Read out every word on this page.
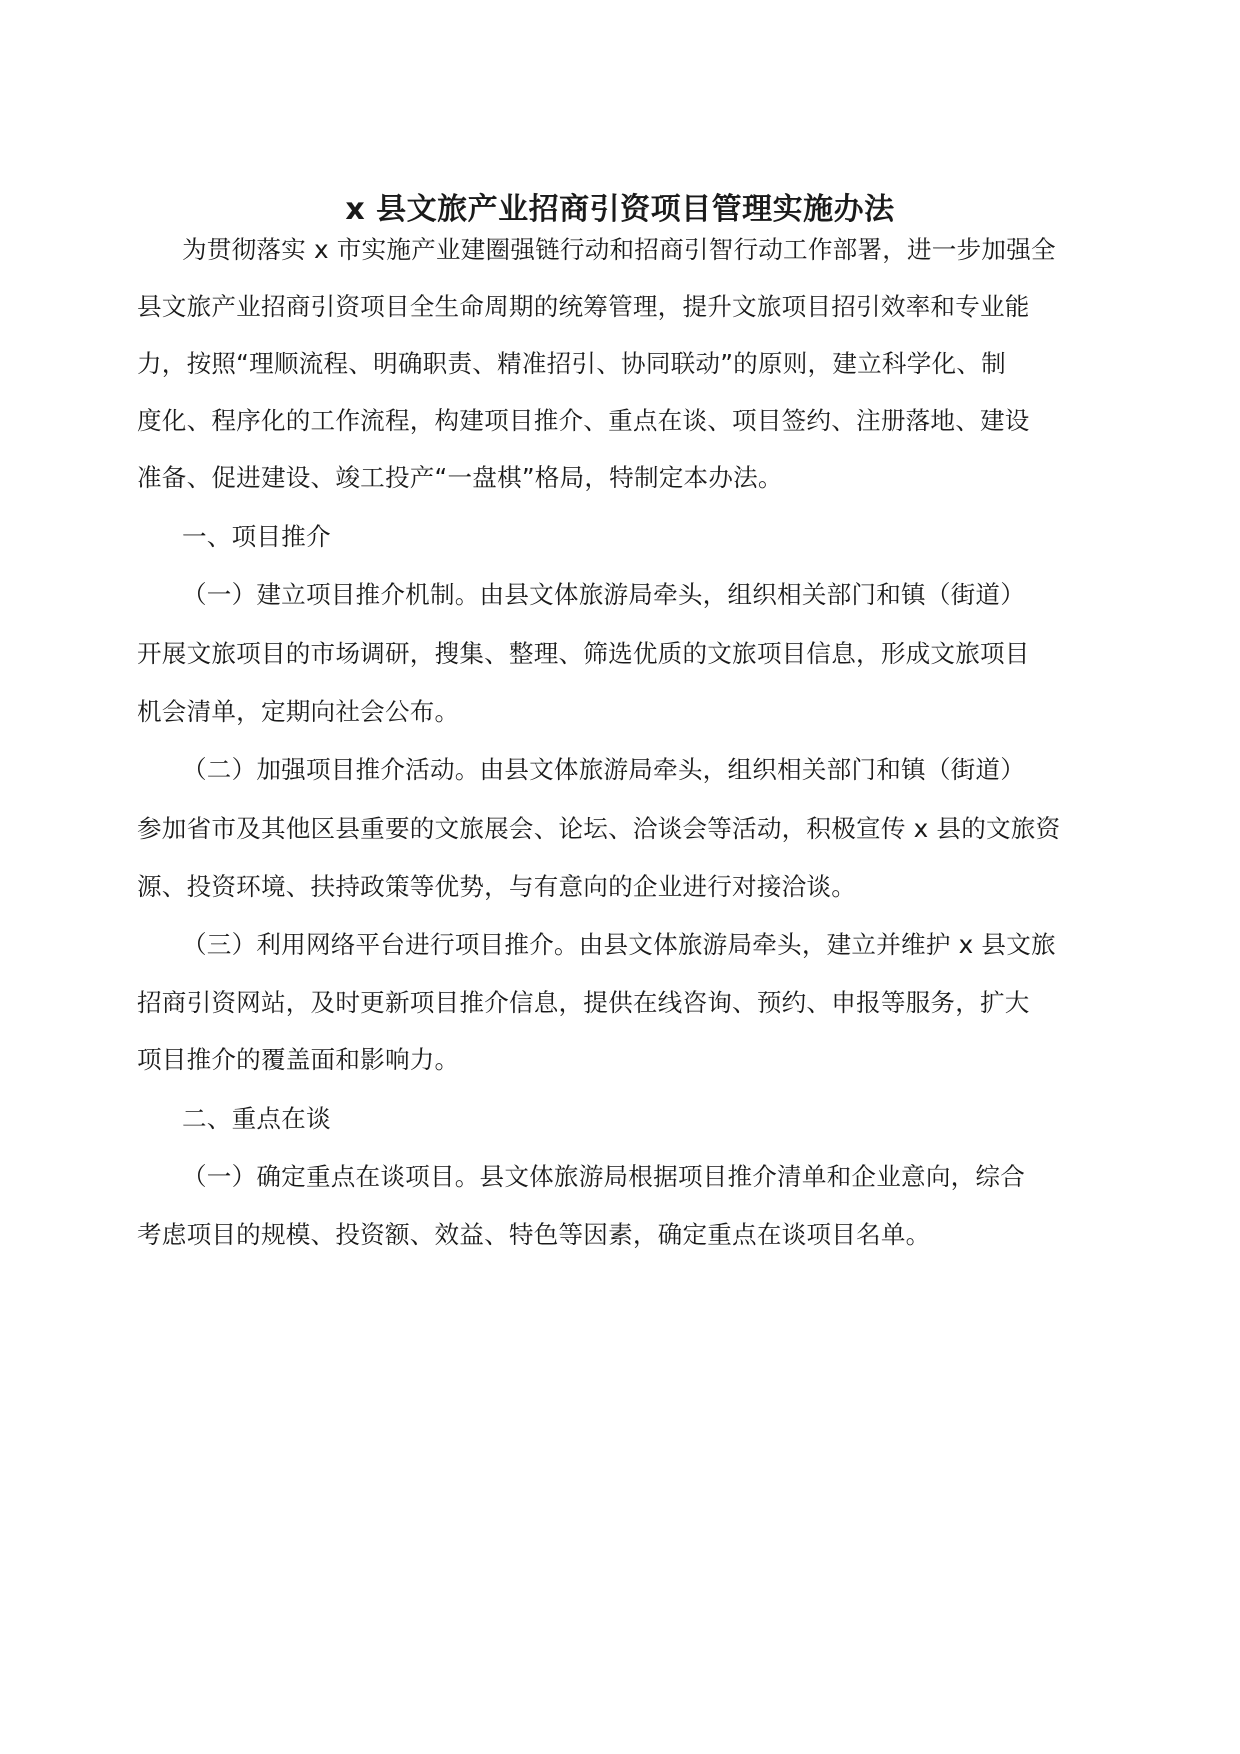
x 县文旅产业招商引资项目管理实施办法
为贯彻落实 x 市实施产业建圈强链行动和招商引智行动工作部署，进一步加强全
县文旅产业招商引资项目全生命周期的统筹管理，提升文旅项目招引效率和专业能
力，按照“理顺流程、明确职责、精准招引、协同联动”的原则，建立科学化、制
度化、程序化的工作流程，构建项目推介、重点在谈、项目签约、注册落地、建设
准备、促进建设、竣工投产“一盘棋”格局，特制定本办法。
一、项目推介
（一）建立项目推介机制。由县文体旅游局牵头，组织相关部门和镇（街道）
开展文旅项目的市场调研，搜集、整理、筛选优质的文旅项目信息，形成文旅项目
机会清单，定期向社会公布。
（二）加强项目推介活动。由县文体旅游局牵头，组织相关部门和镇（街道）
参加省市及其他区县重要的文旅展会、论坛、洽谈会等活动，积极宣传 x 县的文旅资
源、投资环境、扶持政策等优势，与有意向的企业进行对接洽谈。
（三）利用网络平台进行项目推介。由县文体旅游局牵头，建立并维护 x 县文旅
招商引资网站，及时更新项目推介信息，提供在线咨询、预约、申报等服务，扩大
项目推介的覆盖面和影响力。
二、重点在谈
（一）确定重点在谈项目。县文体旅游局根据项目推介清单和企业意向，综合
考虑项目的规模、投资额、效益、特色等因素，确定重点在谈项目名单。
